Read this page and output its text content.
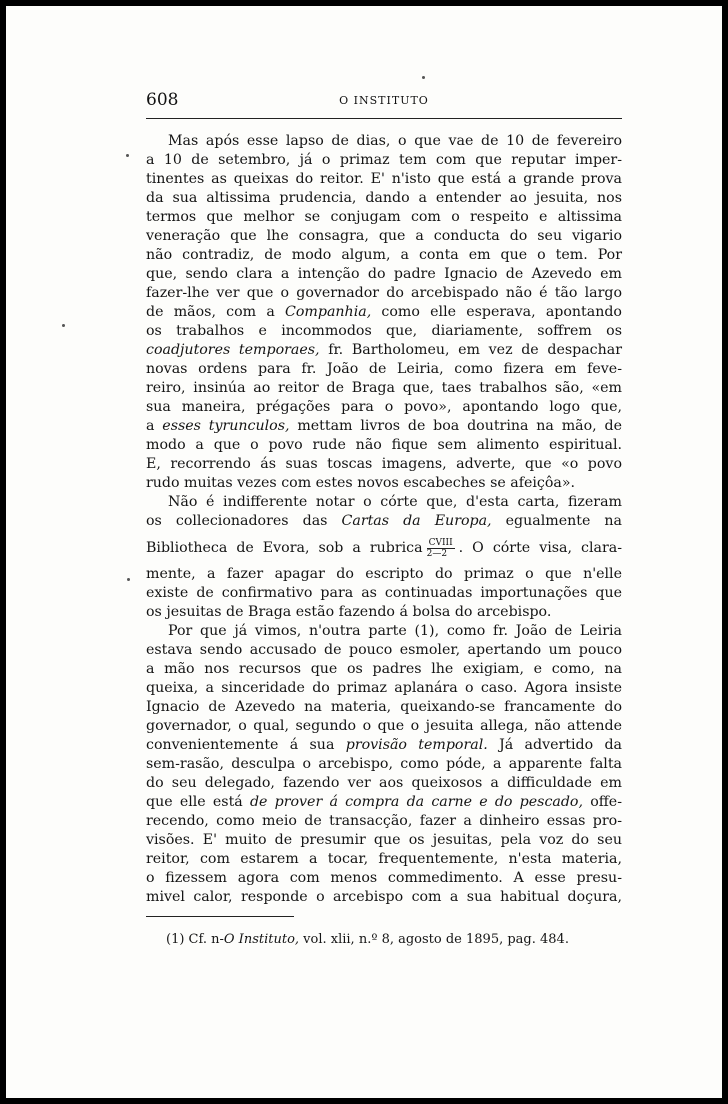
608	O INSTITUTO
Mas após esse lapso de dias, o que vae de 10 de fevereiro
a 10 de setembro, já o primaz tem com que reputar imper-
tinentes as queixas do reitor. E' n'isto que está a grande prova
da sua altissima prudencia, dando a entender ao jesuita, nos
termos que melhor se conjugam com o respeito e altissima
veneração que lhe consagra, que a conducta do seu vigario
não contradiz, de modo algum, a conta em que o tem. Por
que, sendo clara a intenção do padre Ignacio de Azevedo em
fazer-lhe ver que o governador do arcebispado não é tão largo
de mãos, com a Companhia, como elle esperava, apontando
os trabalhos e incommodos que, diariamente, soffrem os
coadjutores temporaes, fr. Bartholomeu, em vez de despachar
novas ordens para fr. João de Leiria, como fizera em feve-
reiro, insinúa ao reitor de Braga que, taes trabalhos são, «em
sua maneira, prégações para o povo», apontando logo que,
a esses tyrunculos, mettam livros de boa doutrina na mão, de
modo a que o povo rude não fique sem alimento espiritual.
E, recorrendo ás suas toscas imagens, adverte, que «o povo
rudo muitas vezes com estes novos escabeches se afeiçôa».
Não é indifferente notar o córte que, d'esta carta, fizeram
os collecionadores das Cartas da Europa, egualmente na
Bibliotheca de Evora, sob a rubrica $\frac{\text{CVIII}}{2—2}$ . O córte visa, clara-
mente, a fazer apagar do escripto do primaz o que n'elle
existe de confirmativo para as continuadas importunações que
os jesuitas de Braga estão fazendo á bolsa do arcebispo.
Por que já vimos, n'outra parte (1), como fr. João de Leiria
estava sendo accusado de pouco esmoler, apertando um pouco
a mão nos recursos que os padres lhe exigiam, e como, na
queixa, a sinceridade do primaz aplanára o caso. Agora insiste
Ignacio de Azevedo na materia, queixando-se francamente do
governador, o qual, segundo o que o jesuita allega, não attende
convenientemente á sua provisão temporal. Já advertido da
sem-rasão, desculpa o arcebispo, como póde, a apparente falta
do seu delegado, fazendo ver aos queixosos a difficuldade em
que elle está de prover á compra da carne e do pescado, offe-
recendo, como meio de transacção, fazer a dinheiro essas pro-
visões. E' muito de presumir que os jesuitas, pela voz do seu
reitor, com estarem a tocar, frequentemente, n'esta materia,
o fizessem agora com menos commedimento. A esse presu-
mivel calor, responde o arcebispo com a sua habitual doçura,
(1) Cf. n-O Instituto, vol. xlii, n.º 8, agosto de 1895, pag. 484.
